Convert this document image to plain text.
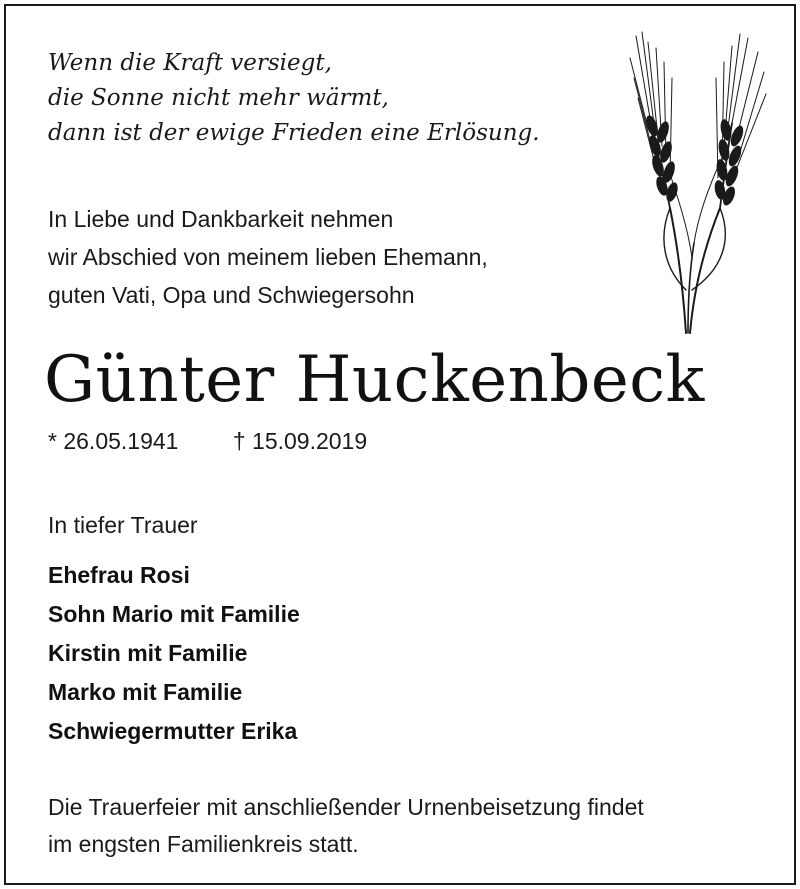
Wenn die Kraft versiegt,
die Sonne nicht mehr wärmt,
dann ist der ewige Frieden eine Erlösung.
In Liebe und Dankbarkeit nehmen
wir Abschied von meinem lieben Ehemann,
guten Vati, Opa und Schwiegersohn
Günter Huckenbeck
* 26.05.1941 † 15.09.2019
In tiefer Trauer
Ehefrau Rosi
Sohn Mario mit Familie
Kirstin mit Familie
Marko mit Familie
Schwiegermutter Erika
Die Trauerfeier mit anschließender Urnenbeisetzung findet
im engsten Familienkreis statt.
